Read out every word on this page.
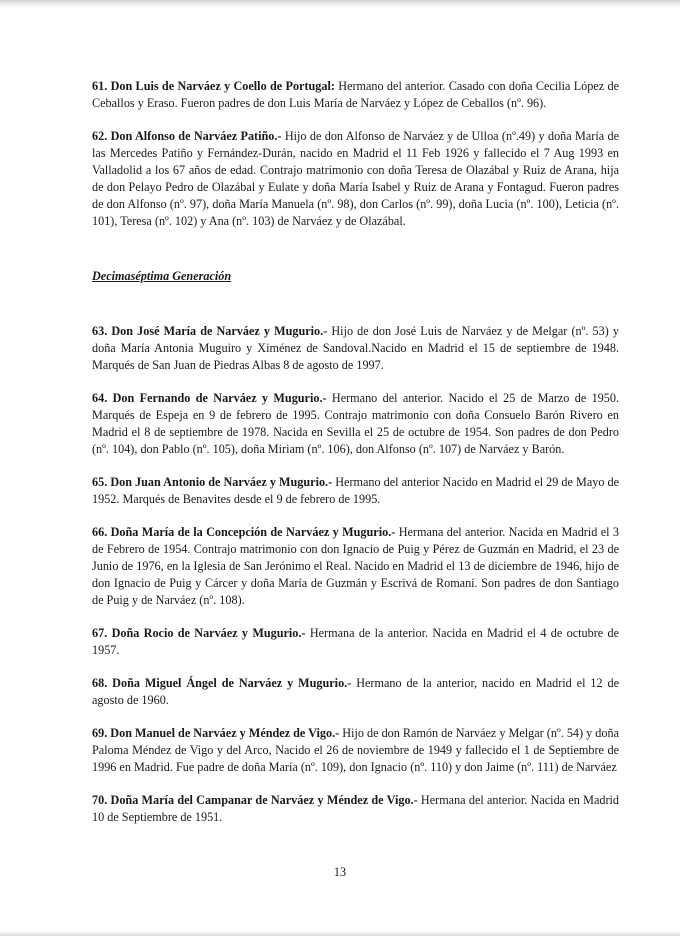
61. Don Luis de Narváez y Coello de Portugal: Hermano del anterior. Casado con doña Cecilia López de Ceballos y Eraso. Fueron padres de don Luis María de Narváez y López de Ceballos (nº. 96).

62. Don Alfonso de Narváez Patiño.- Hijo de don Alfonso de Narváez y de Ulloa (nº.49) y doña María de las Mercedes Patiño y Fernández-Durán, nacido en Madrid el 11 Feb 1926 y fallecido el 7 Aug 1993 en Valladolid a los 67 años de edad. Contrajo matrimonio con doña Teresa de Olazábal y Ruiz de Arana, hija de don Pelayo Pedro de Olazábal y Eulate y doña María Isabel y Ruiz de Arana y Fontagud. Fueron padres de don Alfonso (nº. 97), doña María Manuela (nº. 98), don Carlos (nº. 99), doña Lucia (nº. 100), Leticia (nº. 101), Teresa (nº. 102) y Ana (nº. 103) de Narváez y de Olazábal.

Decimaséptima Generación

63. Don José María de Narváez y Mugurio.- Hijo de don José Luis de Narváez y de Melgar (nº. 53) y doña María Antonia Muguiro y Ximénez de Sandoval.Nacido en Madrid el 15 de septiembre de 1948. Marqués de San Juan de Piedras Albas 8 de agosto de 1997.

64. Don Fernando de Narváez y Mugurio.- Hermano del anterior. Nacido el 25 de Marzo de 1950. Marqués de Espeja en 9 de febrero de 1995. Contrajo matrimonio con doña Consuelo Barón Rivero en Madrid el 8 de septiembre de 1978. Nacida en Sevilla el 25 de octubre de 1954. Son padres de don Pedro (nº. 104), don Pablo (nº. 105), doña Miriam (nº. 106), don Alfonso (nº. 107) de Narváez y Barón.

65. Don Juan Antonio de Narváez y Mugurio.- Hermano del anterior Nacido en Madrid el 29 de Mayo de 1952. Marqués de Benavites desde el 9 de febrero de 1995.

66. Doña María de la Concepción de Narváez y Mugurio.- Hermana del anterior. Nacida en Madrid el 3 de Febrero de 1954. Contrajo matrimonio con don Ignacio de Puig y Pérez de Guzmán en Madrid, el 23 de Junio de 1976, en la Iglesia de San Jerónimo el Real. Nacido en Madrid el 13 de diciembre de 1946, hijo de don Ignacio de Puig y Cárcer y doña María de Guzmán y Escrivá de Romaní. Son padres de don Santiago de Puig y de Narváez (nº. 108).

67. Doña Rocio de Narváez y Mugurio.- Hermana de la anterior. Nacida en Madrid el 4 de octubre de 1957.

68. Doña Miguel Ángel de Narváez y Mugurio.- Hermano de la anterior, nacido en Madrid el 12 de agosto de 1960.

69. Don Manuel de Narváez y Méndez de Vigo.- Hijo de don Ramón de Narváez y Melgar (nº. 54) y doña Paloma Méndez de Vigo y del Arco, Nacido el 26 de noviembre de 1949 y fallecido el 1 de Septiembre de 1996 en Madrid. Fue padre de doña María (nº. 109), don Ignacio (nº. 110) y don Jaime (nº. 111) de Narváez

70. Doña María del Campanar de Narváez y Méndez de Vigo.- Hermana del anterior. Nacida en Madrid 10 de Septiembre de 1951.

13
